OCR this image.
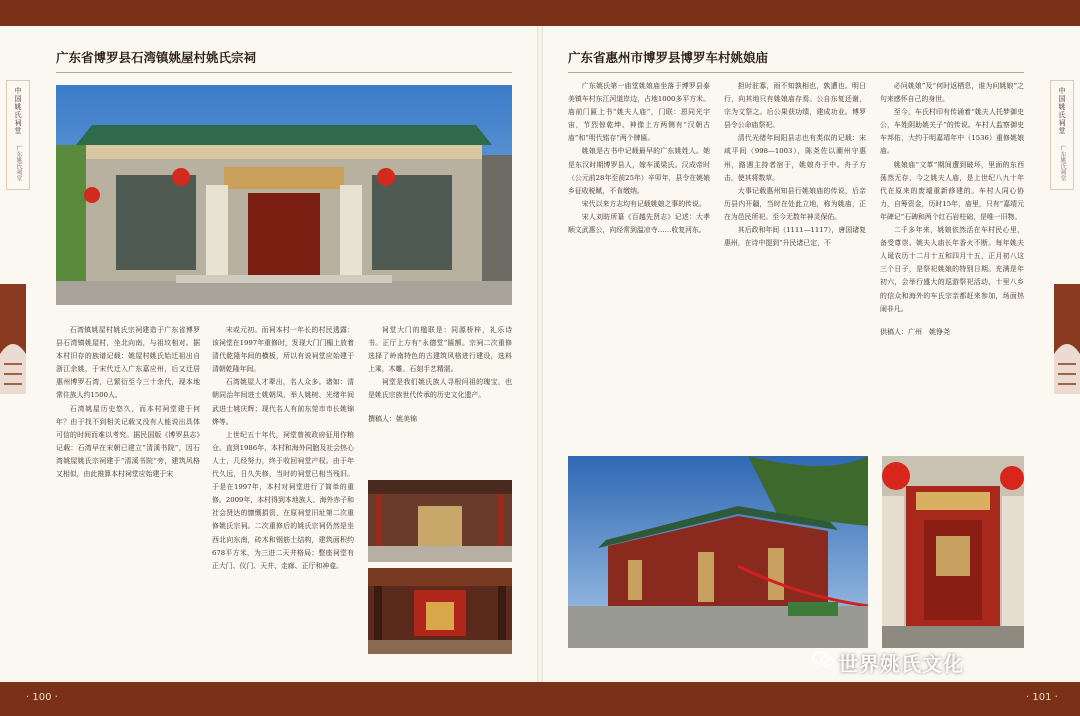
广东省博罗县石湾镇姚屋村姚氏宗祠
中国姚氏祠堂
广东姚氏祠堂

石湾镇姚屋村姚氏宗祠建造于广东省博罗县石湾镇姚屋村，坐北向南，与祖坟相对。据本村旧存的族谱记载：姚屋村姚氏始迁祖出自浙江余姚，于宋代迁入广东嘉应州，后又迁居惠州博罗石湾，已繁衍至今三十余代，现本地常住族人约1500人。

石湾姚屋历史悠久，而本村祠堂建于何年？由于找不到相关记载又没有人能说出具体可信的时间而难以考究。据民国版《博罗县志》记载：石湾早在宋朝已建立“清溪书院”，因石湾姚屋姚氏宗祠建于“清溪书院”旁，建筑风格又相似，由此推算本村祠堂应始建于宋

末或元初。而祠本村一年长的村民透露：该祠堂在1997年重修时，发现大门门楣上放着清代乾隆年间的横板，所以有说祠堂应始建于清朝乾隆年间。

石湾姚屋人才辈出，名人众多。诸如：清朝同治年间进士姚朝凤、举人姚树、光绪年间武进士姚庆辉；现代名人有前东莞市市长姚锦烨等。

上世纪五十年代，祠堂曾被政府征用作粮仓。直到1986年，本村和海外同胞及社会热心人士，几经努力，终于收回祠堂产权。由于年代久远，日久失修，当时的祠堂已相当残旧。于是在1997年，本村对祠堂进行了简单的重修。2009年，本村得到本地族人、海外赤子和社会贤达的慷慨捐资，在原祠堂旧址第二次重修姚氏宗祠。二次重修后的姚氏宗祠仍然是坐西北向东南，砖木和钢筋土结构，建筑面积约678平方米，为三进二天井格局；整座祠堂有正大门、仪门、天井、走廊、正厅和神龛。

祠堂大门的楹联是：同源桥梓，礼乐诗书。正厅上方有“永德堂”匾额。宗祠二次重修选择了岭南特色的古建筑风格进行建设，选料上乘，木雕、石刻手艺精湛。

祠堂是我们姚氏族人寻根问祖的瑰宝，也是姚氏宗族世代传承的历史文化遗产。

撰稿人：姚美锦
广东省惠州市博罗县博罗车村姚娘庙
中国姚氏祠堂
广东姚氏祠堂

广东姚氏第一庙堂姚娘庙坐落于博罗县泰美镇车村东江河道岸边，占地1000多平方米。庙前门匾上书“姚夫人庙”，门联：恩同光宇宙，节烈惊乾坤。神像上方两侧有“汉朝古庙”和“明代铭存”两个牌匾。

姚娘是古书中记载最早的广东姚姓人。她是东汉时期博罗县人，嫁车溪梁氏。汉成帝时（公元前28年至前25年）辛卯年，县令在姚娘乡征收税赋，不肯缴纳。

宋代以来方志均有记载姚娘之事的传说。

宋人刘昉所纂《百越先贤志》记述：大孝顺文武惠公，向经常到温凉寺……收复河东。

担时驻寡，雨不知孰相也，孰遭也。明日行，向其地只有姚娘庙存焉。公自东复还谢，宗为文祭之。后公果获功绩，建成功业。博罗县令公命庙祭祀。

清代光绪年间阳县志也有类似的记载：宋咸平间（998—1003），陈尧佐以潮州守惠州，路遇主持者宿于，姚娘舟于中。舟子方击，使其将数草。

大事记载惠州知县行姚娘庙的传说，后亲历县内开疆，当时在处此立地，称为姚庙，正在为邑民所祀。至今无数年神灵保佑。

其后政和年间（1111—1117），唐国诸复惠州，在诗中提到“升民诸已定，不

必问姚娘”及“何时返栖息，谁为问姚娘”之句来感怀自己的身世。

至今，车氏村印有传诵着“姚夫人托梦御史公，车姓阴助姚关子”的传说。车村人监察御史车邦佑，大约于明嘉靖年中（1536）重修姚娘庙。

姚娘庙“文革”期间遭到破坏，里面的东西荡然无存，今之姚夫人庙，是上世纪八九十年代在原来的废墟重新修建的。车村人同心协力，自筹资金，历时15年，庙里，只有“嘉靖元年碑记”石碑和两个红石岩柱础，是唯一旧物。

二千多年来，姚娘依然活在车村民心里，备受尊崇。姚夫人庙长年香火不断。每年姚夫人诞农历十二月十五和四月十五，正月初八这三个日子，是祭祀姚娘的特别日期。充满是年初六，会举行盛大的巡游祭祀活动，十里八乡的信众和海外的车氏宗亲都赶来参加，场面热闹非凡。

供稿人：广州　姚铮尧
· 100 ·	· 101 ·
世界姚氏文化
